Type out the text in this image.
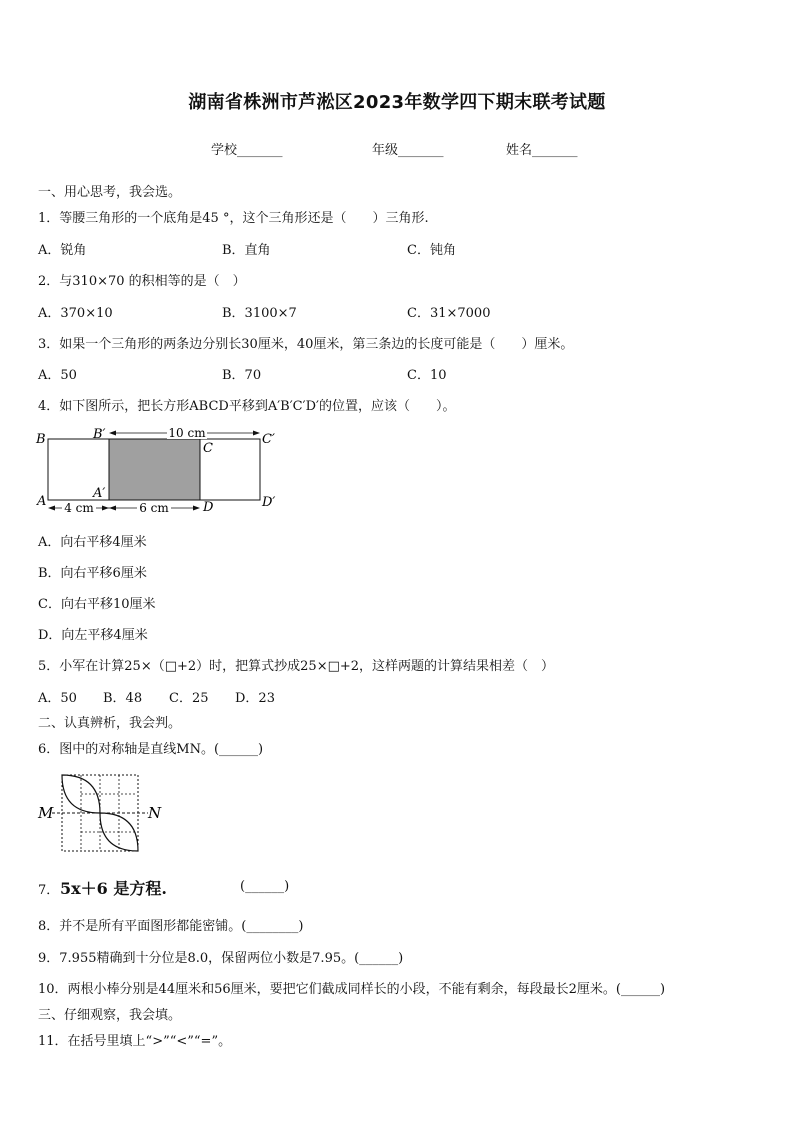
湖南省株洲市芦淞区2023年数学四下期末联考试题
学校_______	年级_______	姓名_______
一、用心思考，我会选。
1．等腰三角形的一个底角是45 °，这个三角形还是（　　）三角形.
A．锐角	B．直角	C．钝角
2．与310×70 的积相等的是（　）
A．370×10	B．3100×7	C．31×7000
3．如果一个三角形的两条边分别长30厘米，40厘米，第三条边的长度可能是（　　）厘米。
A．50	B．70	C．10
4．如下图所示，把长方形ABCD平移到A′B′C′D′的位置，应该（　　）。
10 cm
4 cm	6 cm
B	B′
C
C′
A
A′
D	D′
A．向右平移4厘米
B．向右平移6厘米
C．向右平移10厘米
D．向左平移4厘米
5．小军在计算25×（□+2）时，把算式抄成25×□+2，这样两题的计算结果相差（　）
A．50 B．48 C．25 D．23
二、认真辨析，我会判。
6．图中的对称轴是直线MN。(______)
M	N
7． 5x＋6 是方程.	(______)
8．并不是所有平面图形都能密铺。(________)
9．7.955精确到十分位是8.0，保留两位小数是7.95。(______)
10．两根小棒分别是44厘米和56厘米，要把它们截成同样长的小段，不能有剩余，每段最长2厘米。(______)
三、仔细观察，我会填。
11．在括号里填上“>”“<”“=”。
